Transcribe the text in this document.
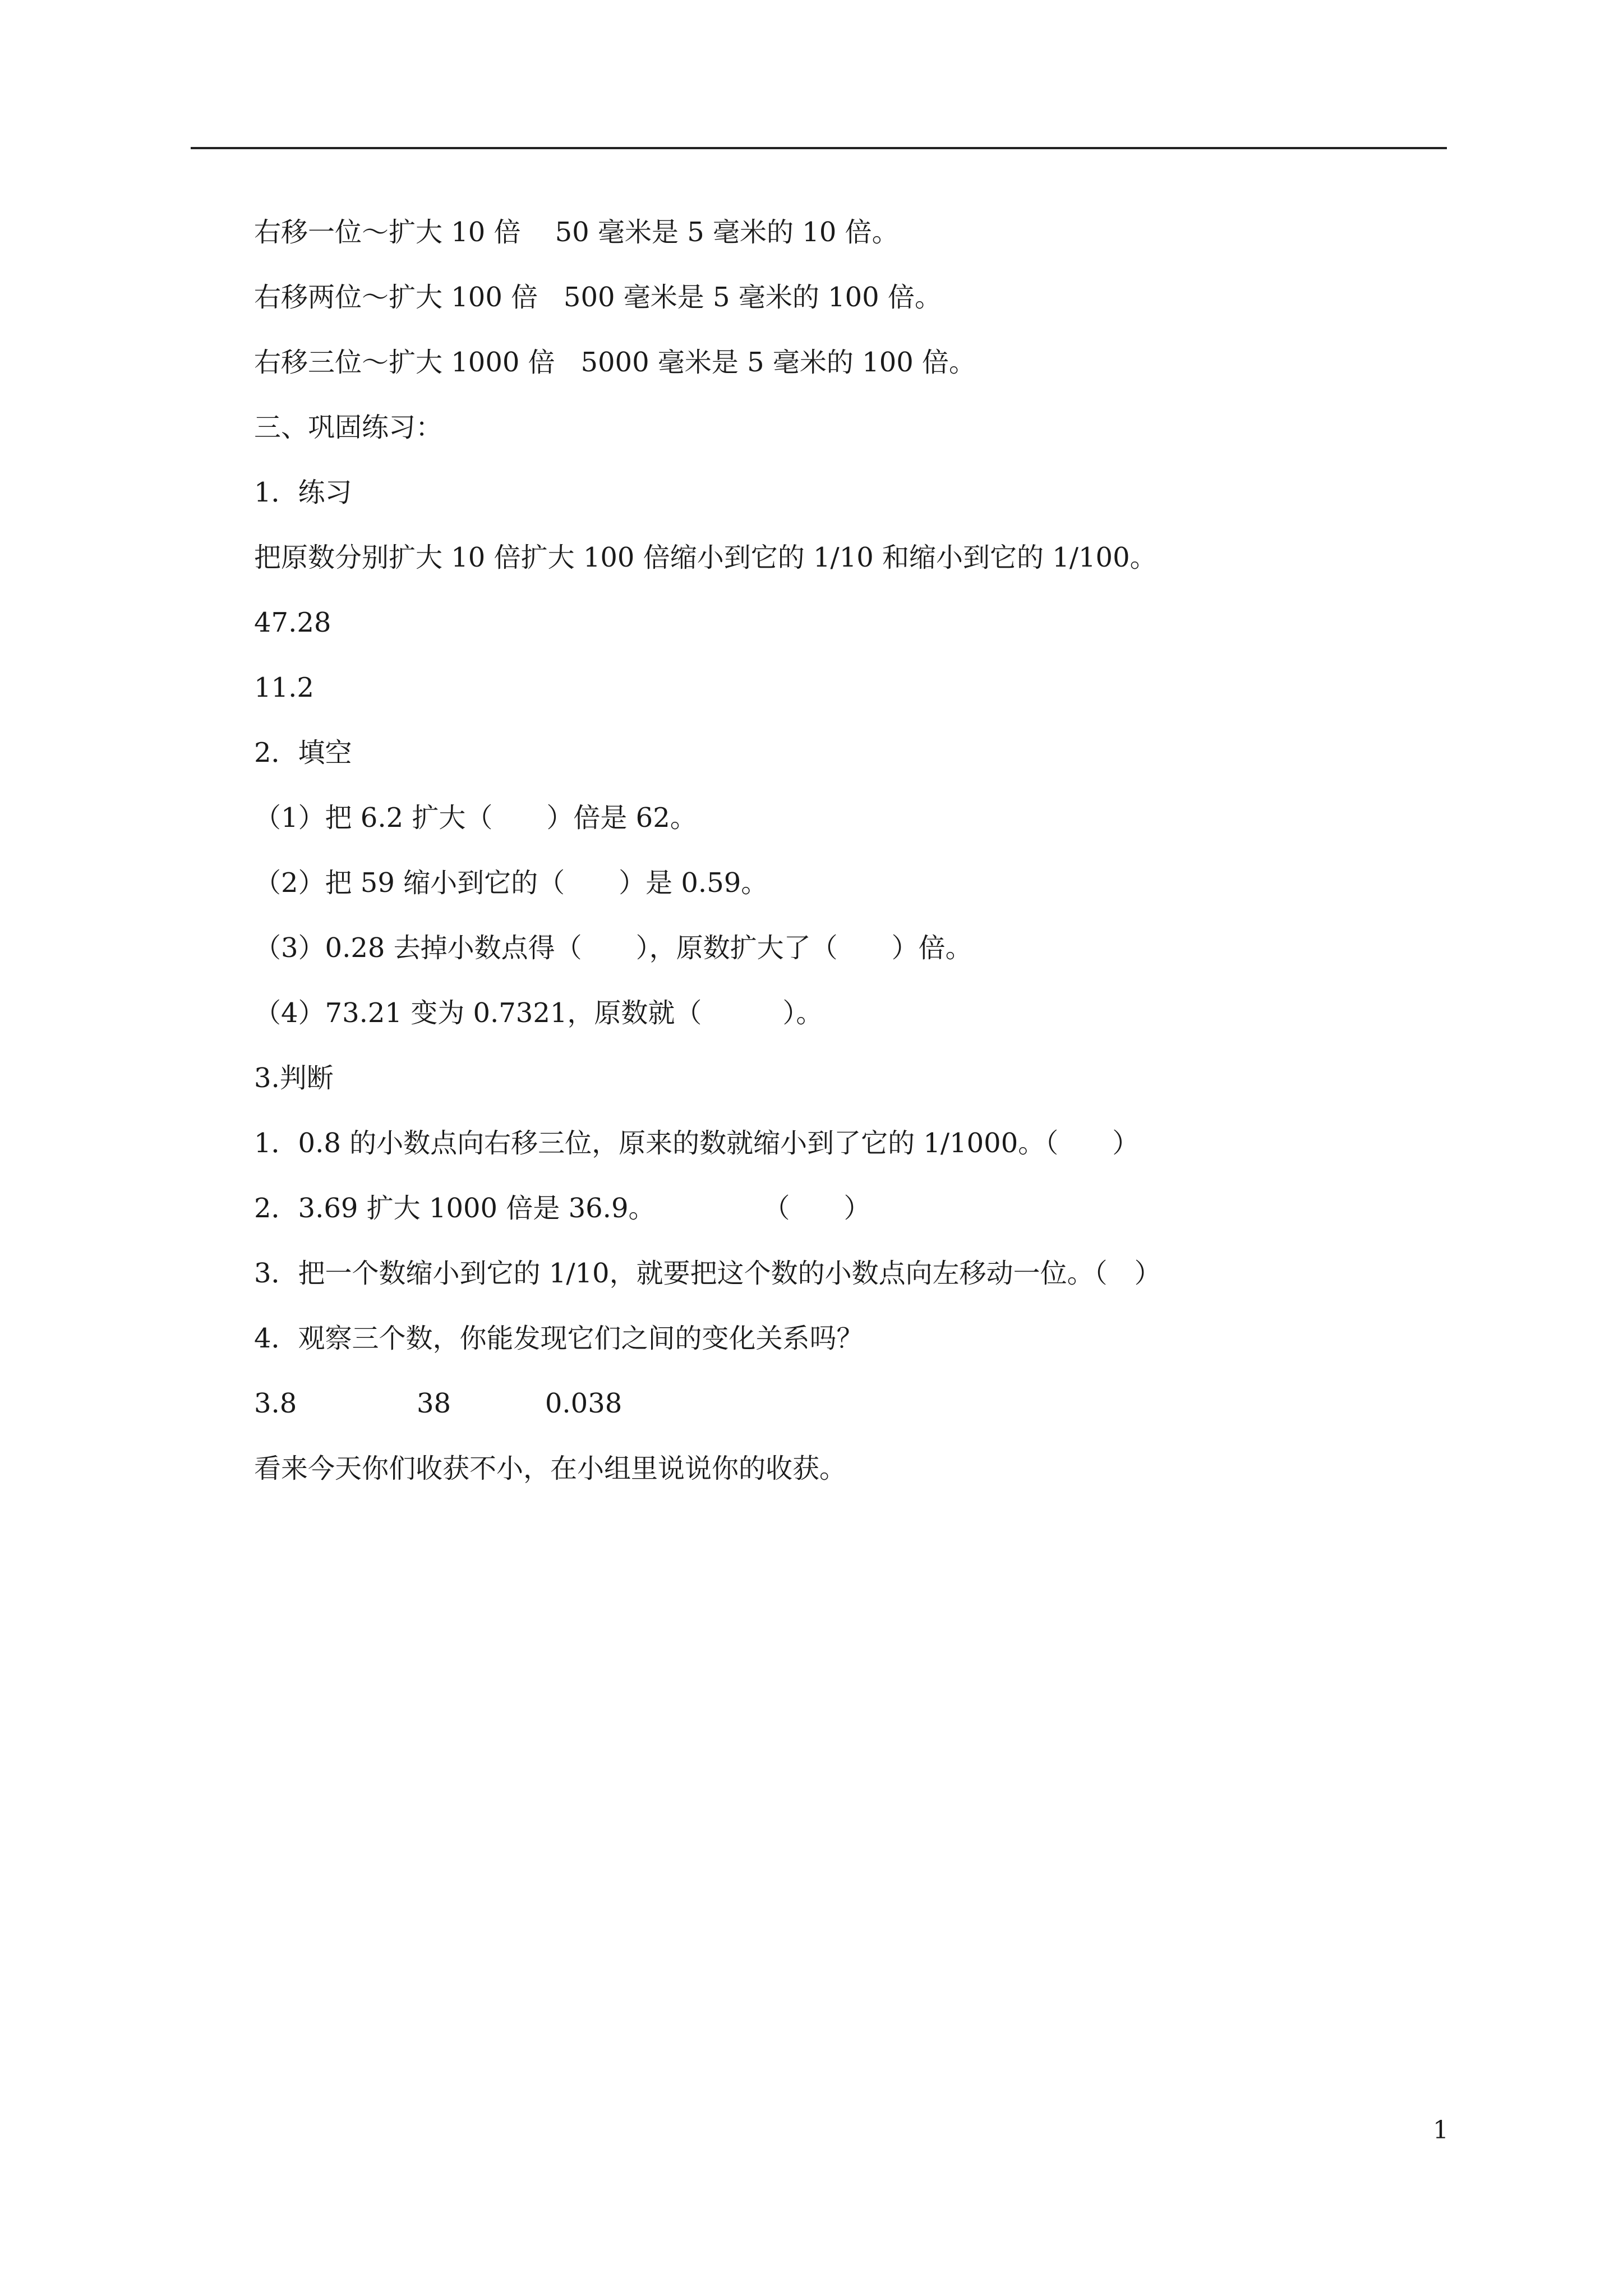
右移一位～扩大 10 倍    50 毫米是 5 毫米的 10 倍。
右移两位～扩大 100 倍   500 毫米是 5 毫米的 100 倍。
右移三位～扩大 1000 倍   5000 毫米是 5 毫米的 100 倍。
三、巩固练习：
1．练习
把原数分别扩大 10 倍扩大 100 倍缩小到它的 1/10 和缩小到它的 1/100。
47.28
11.2
2．填空
（1）把 6.2 扩大（　　）倍是 62。
（2）把 59 缩小到它的（　　）是 0.59。
（3）0.28 去掉小数点得（　　），原数扩大了（　　）倍。
（4）73.21 变为 0.7321，原数就（　　　）。
3.判断
1．0.8 的小数点向右移三位，原来的数就缩小到了它的 1/1000。（　　）
2．3.69 扩大 1000 倍是 36.9。　　　　　（　　）
3．把一个数缩小到它的 1/10，就要把这个数的小数点向左移动一位。（　）
4．观察三个数，你能发现它们之间的变化关系吗？
3.8              38           0.038
看来今天你们收获不小，在小组里说说你的收获。
1
